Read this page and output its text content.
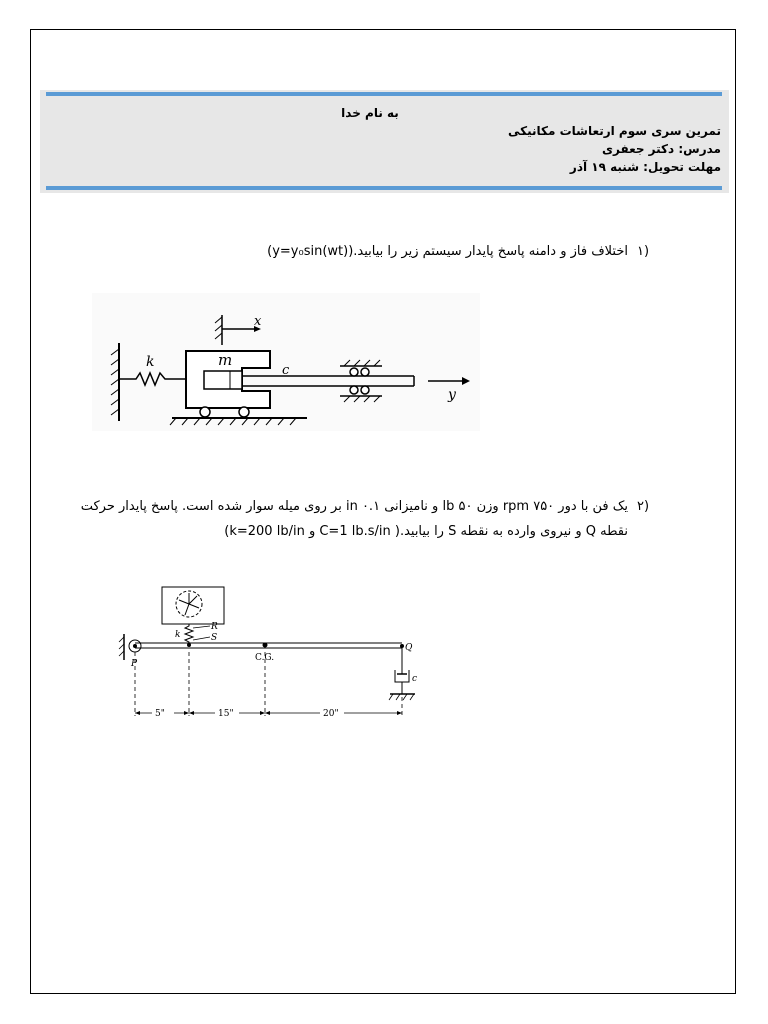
به نام خدا
تمرین سری سوم ارتعاشات مکانیکی
مدرس: دکتر جعفری
مهلت تحویل: شنبه ۱۹ آذر
۱)
اختلاف فاز و دامنه پاسخ پایدار سیستم زیر را بیابید.(y=y₀sin(wt))
k	m
c
y
x
۲)
یک فن با دور ۷۵۰ rpm وزن ۵۰ lb و نامیزانی ۰.۱ in بر روی میله سوار شده است. پاسخ پایدار حرکت
نقطه Q و نیروی وارده به نقطه S را بیابید.( C=1 lb.s/in و k=200 lb/in)
k
R
S
P
C.G.
Q
c
5"	15"	20"
